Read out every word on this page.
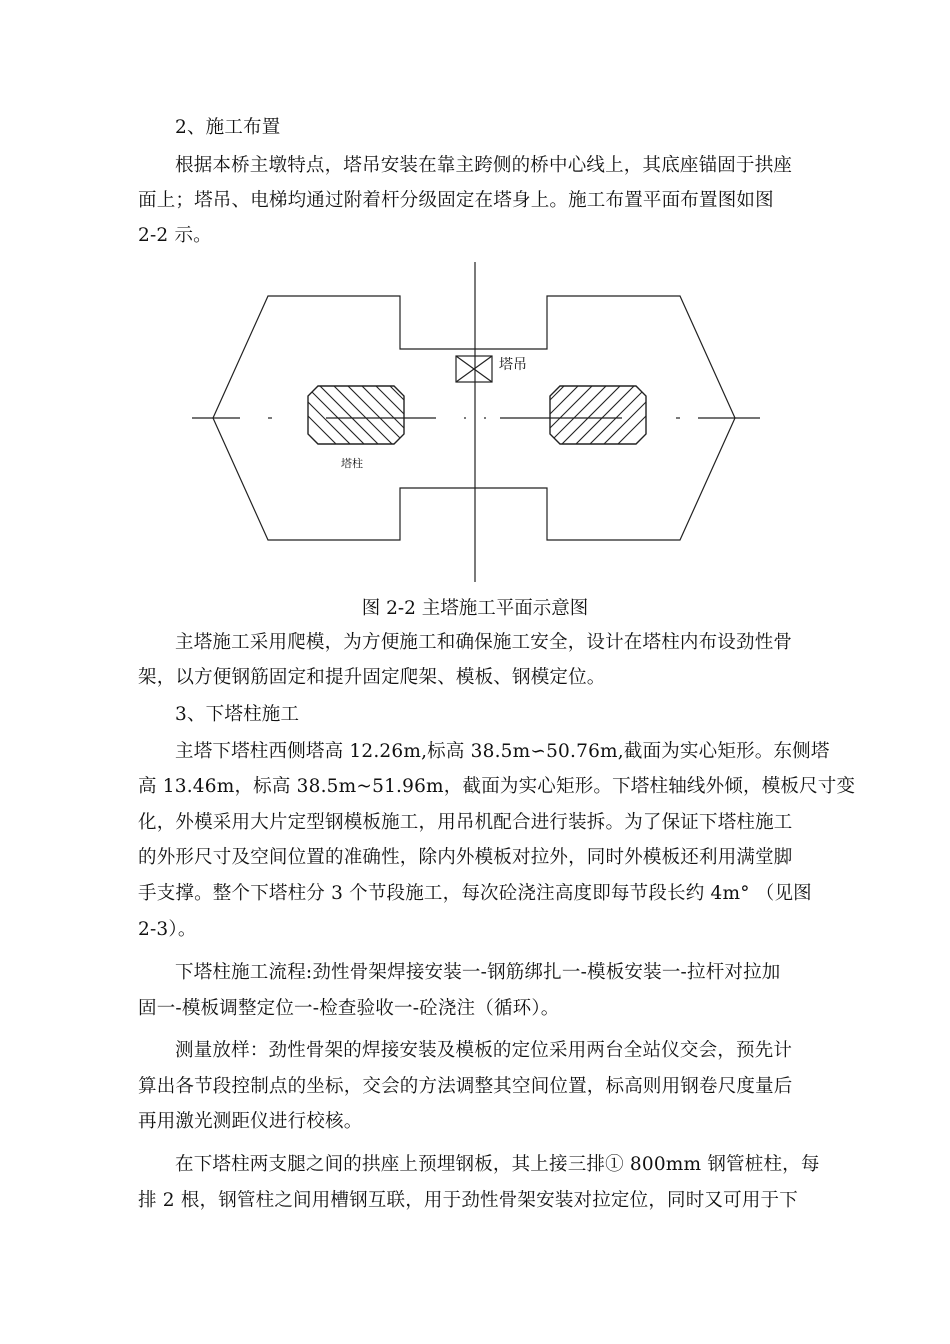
2、施工布置
根据本桥主墩特点，塔吊安装在靠主跨侧的桥中心线上，其底座锚固于拱座
面上；塔吊、电梯均通过附着杆分级固定在塔身上。施工布置平面布置图如图
2-2 示。
塔吊
塔柱
图 2-2 主塔施工平面示意图
主塔施工采用爬模，为方便施工和确保施工安全，设计在塔柱内布设劲性骨
架，以方便钢筋固定和提升固定爬架、模板、钢模定位。
3、下塔柱施工
主塔下塔柱西侧塔高 12.26m,标高 38.5m∽50.76m,截面为实心矩形。东侧塔
高 13.46m，标高 38.5m~51.96m，截面为实心矩形。下塔柱轴线外倾，模板尺寸变
化，外模采用大片定型钢模板施工，用吊机配合进行装拆。为了保证下塔柱施工
的外形尺寸及空间位置的准确性，除内外模板对拉外，同时外模板还利用满堂脚
手支撑。整个下塔柱分 3 个节段施工，每次砼浇注高度即每节段长约 4m° （见图
2-3）。
下塔柱施工流程:劲性骨架焊接安装一-钢筋绑扎一-模板安装一-拉杆对拉加
固一-模板调整定位一-检查验收一-砼浇注（循环）。
测量放样：劲性骨架的焊接安装及模板的定位采用两台全站仪交会，预先计
算出各节段控制点的坐标，交会的方法调整其空间位置，标高则用钢卷尺度量后
再用激光测距仪进行校核。
在下塔柱两支腿之间的拱座上预埋钢板，其上接三排① 800mm 钢管桩柱，每
排 2 根，钢管柱之间用槽钢互联，用于劲性骨架安装对拉定位，同时又可用于下
